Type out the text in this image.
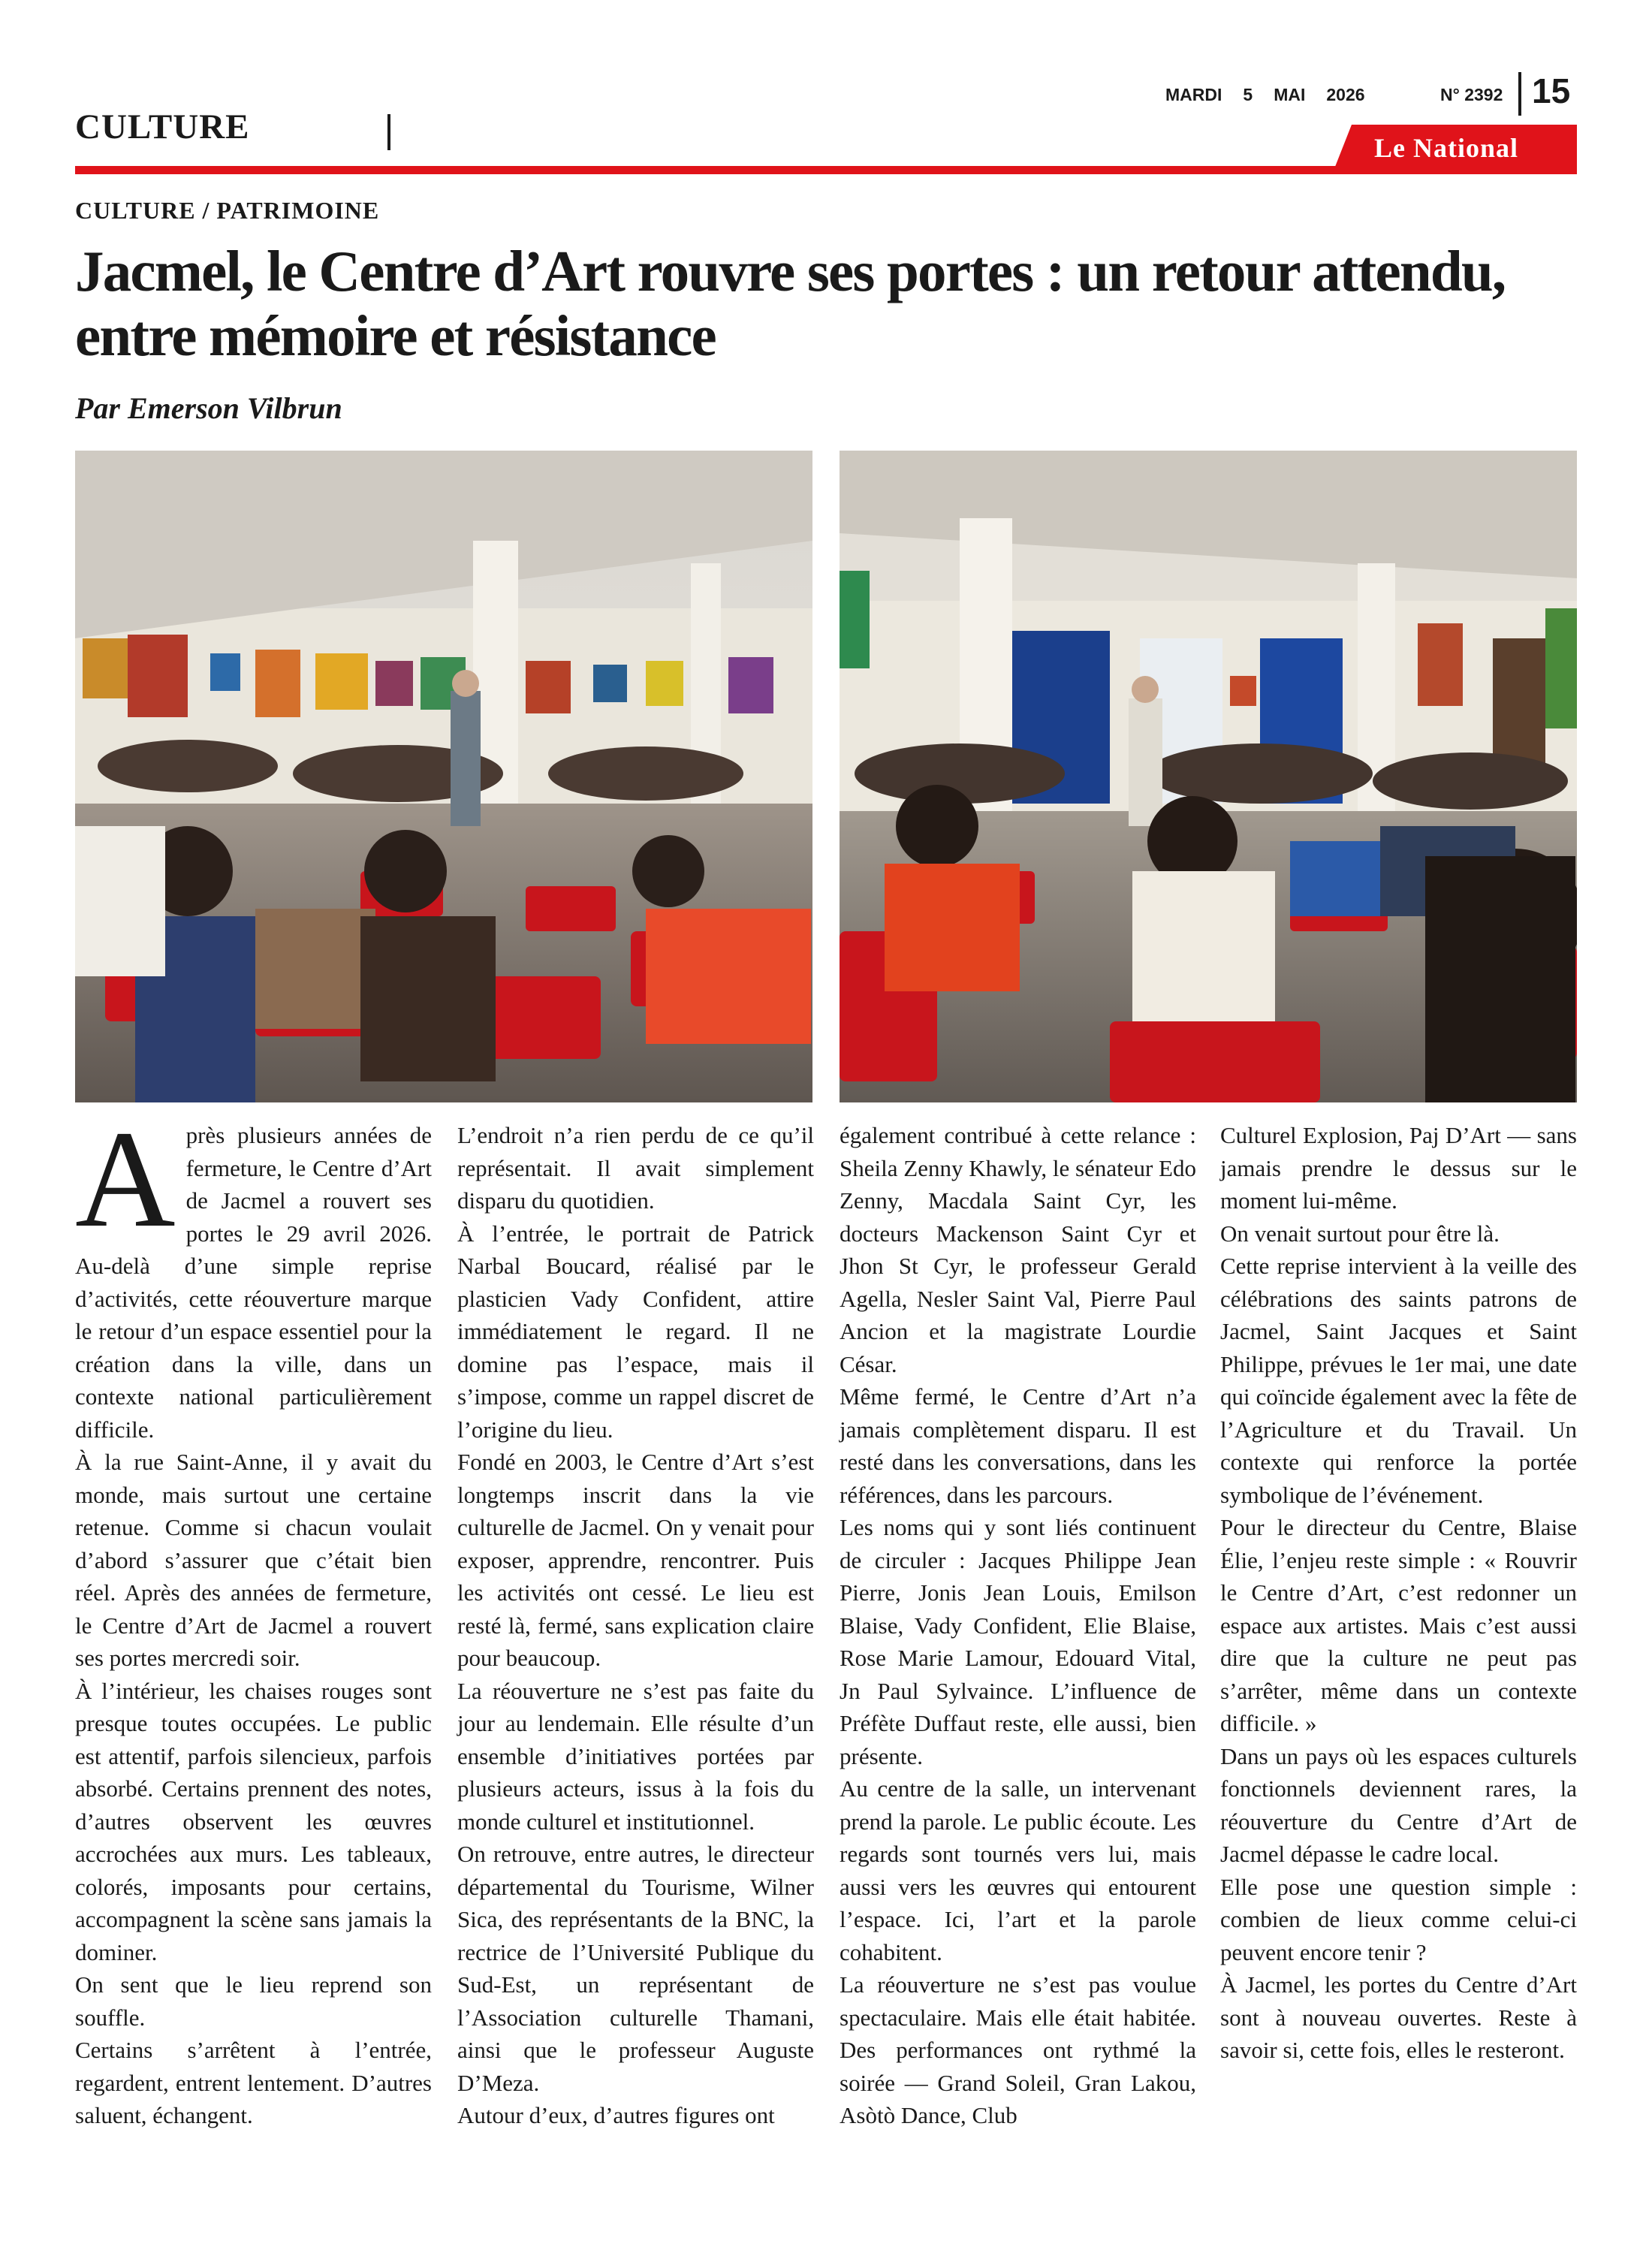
CULTURE
MARDI 5 MAI 2026	N° 2392 15
Le National
CULTURE / PATRIMOINE
Jacmel, le Centre d’Art rouvre ses portes : un retour attendu, entre mémoire et résistance
Par Emerson Vilbrun

Après plusieurs années de fermeture, le Centre d’Art de Jacmel a rouvert ses portes le 29 avril 2026. Au-delà d’une simple reprise d’activités, cette réouverture marque le retour d’un espace essentiel pour la création dans la ville, dans un contexte national particulièrement difficile.

À la rue Saint-Anne, il y avait du monde, mais surtout une certaine retenue. Comme si chacun voulait d’abord s’assurer que c’était bien réel. Après des années de fermeture, le Centre d’Art de Jacmel a rouvert ses portes mercredi soir.

À l’intérieur, les chaises rouges sont presque toutes occupées. Le public est attentif, parfois silencieux, parfois absorbé. Certains prennent des notes, d’autres observent les œuvres accrochées aux murs. Les tableaux, colorés, imposants pour certains, accompagnent la scène sans jamais la dominer.

On sent que le lieu reprend son souffle.

Certains s’arrêtent à l’entrée, regardent, entrent lentement. D’autres saluent, échangent.

L’endroit n’a rien perdu de ce qu’il représentait. Il avait simplement disparu du quotidien.

À l’entrée, le portrait de Patrick Narbal Boucard, réalisé par le plasticien Vady Confident, attire immédiatement le regard. Il ne domine pas l’espace, mais il s’impose, comme un rappel discret de l’origine du lieu.

Fondé en 2003, le Centre d’Art s’est longtemps inscrit dans la vie culturelle de Jacmel. On y venait pour exposer, apprendre, rencontrer. Puis les activités ont cessé. Le lieu est resté là, fermé, sans explication claire pour beaucoup.

La réouverture ne s’est pas faite du jour au lendemain. Elle résulte d’un ensemble d’initiatives portées par plusieurs acteurs, issus à la fois du monde culturel et institutionnel.

On retrouve, entre autres, le directeur départemental du Tourisme, Wilner Sica, des représentants de la BNC, la rectrice de l’Université Publique du Sud-Est, un représentant de l’Association culturelle Thamani, ainsi que le professeur Auguste D’Meza.

Autour d’eux, d’autres figures ont

également contribué à cette relance : Sheila Zenny Khawly, le sénateur Edo Zenny, Macdala Saint Cyr, les docteurs Mackenson Saint Cyr et Jhon St Cyr, le professeur Gerald Agella, Nesler Saint Val, Pierre Paul Ancion et la magistrate Lourdie César.

Même fermé, le Centre d’Art n’a jamais complètement disparu. Il est resté dans les conversations, dans les références, dans les parcours.

Les noms qui y sont liés continuent de circuler : Jacques Philippe Jean Pierre, Jonis Jean Louis, Emilson Blaise, Vady Confident, Elie Blaise, Rose Marie Lamour, Edouard Vital, Jn Paul Sylvaince. L’influence de Préfète Duffaut reste, elle aussi, bien présente.

Au centre de la salle, un intervenant prend la parole. Le public écoute. Les regards sont tournés vers lui, mais aussi vers les œuvres qui entourent l’espace. Ici, l’art et la parole cohabitent.

La réouverture ne s’est pas voulue spectaculaire. Mais elle était habitée. Des performances ont rythmé la soirée — Grand Soleil, Gran Lakou, Asòtò Dance, Club

Culturel Explosion, Paj D’Art — sans jamais prendre le dessus sur le moment lui-même.

On venait surtout pour être là.

Cette reprise intervient à la veille des célébrations des saints patrons de Jacmel, Saint Jacques et Saint Philippe, prévues le 1er mai, une date qui coïncide également avec la fête de l’Agriculture et du Travail. Un contexte qui renforce la portée symbolique de l’événement.

Pour le directeur du Centre, Blaise Élie, l’enjeu reste simple : « Rouvrir le Centre d’Art, c’est redonner un espace aux artistes. Mais c’est aussi dire que la culture ne peut pas s’arrêter, même dans un contexte difficile. »

Dans un pays où les espaces culturels fonctionnels deviennent rares, la réouverture du Centre d’Art de Jacmel dépasse le cadre local.

Elle pose une question simple : combien de lieux comme celui-ci peuvent encore tenir ?

À Jacmel, les portes du Centre d’Art sont à nouveau ouvertes. Reste à savoir si, cette fois, elles le resteront.
